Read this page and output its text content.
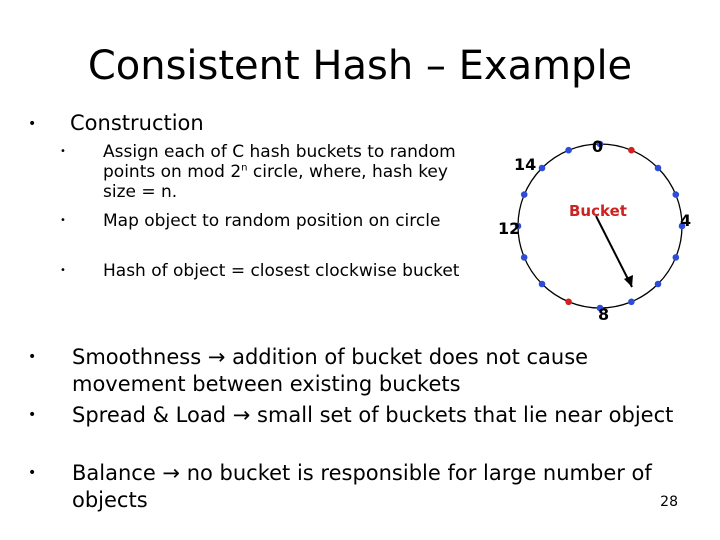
Consistent Hash – Example
• Construction
• Assign each of C hash buckets to random points on mod 2$^n$ circle, where, hash key size = n.
• Map object to random position on circle
• Hash of object = closest clockwise bucket
0
14
12	4
8
Bucket
• Smoothness → addition of bucket does not cause movement between existing buckets
• Spread & Load → small set of buckets that lie near object
• Balance → no bucket is responsible for large number of objects	28
